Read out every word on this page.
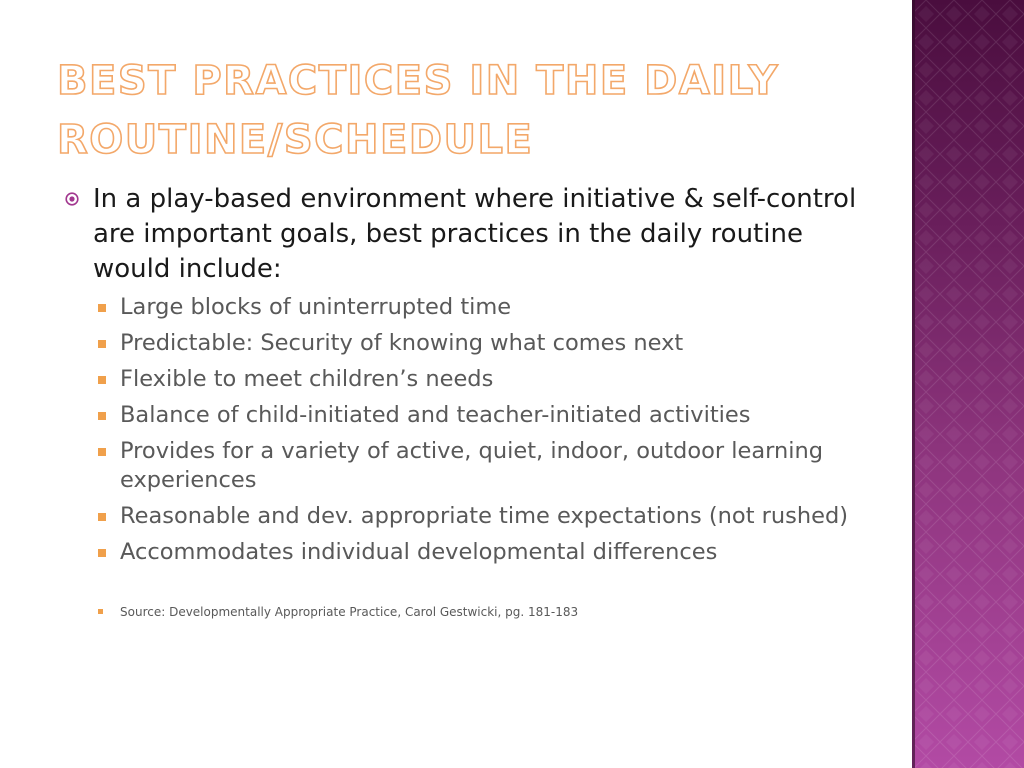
BEST PRACTICES IN THE DAILY ROUTINE/SCHEDULE
In a play-based environment where initiative & self-control are important goals, best practices in the daily routine would include:
Large blocks of uninterrupted time
Predictable: Security of knowing what comes next
Flexible to meet children’s needs
Balance of child-initiated and teacher-initiated activities
Provides for a variety of active, quiet, indoor, outdoor learning experiences
Reasonable and dev. appropriate time expectations (not rushed)
Accommodates individual developmental differences
Source: Developmentally Appropriate Practice, Carol Gestwicki, pg. 181-183
